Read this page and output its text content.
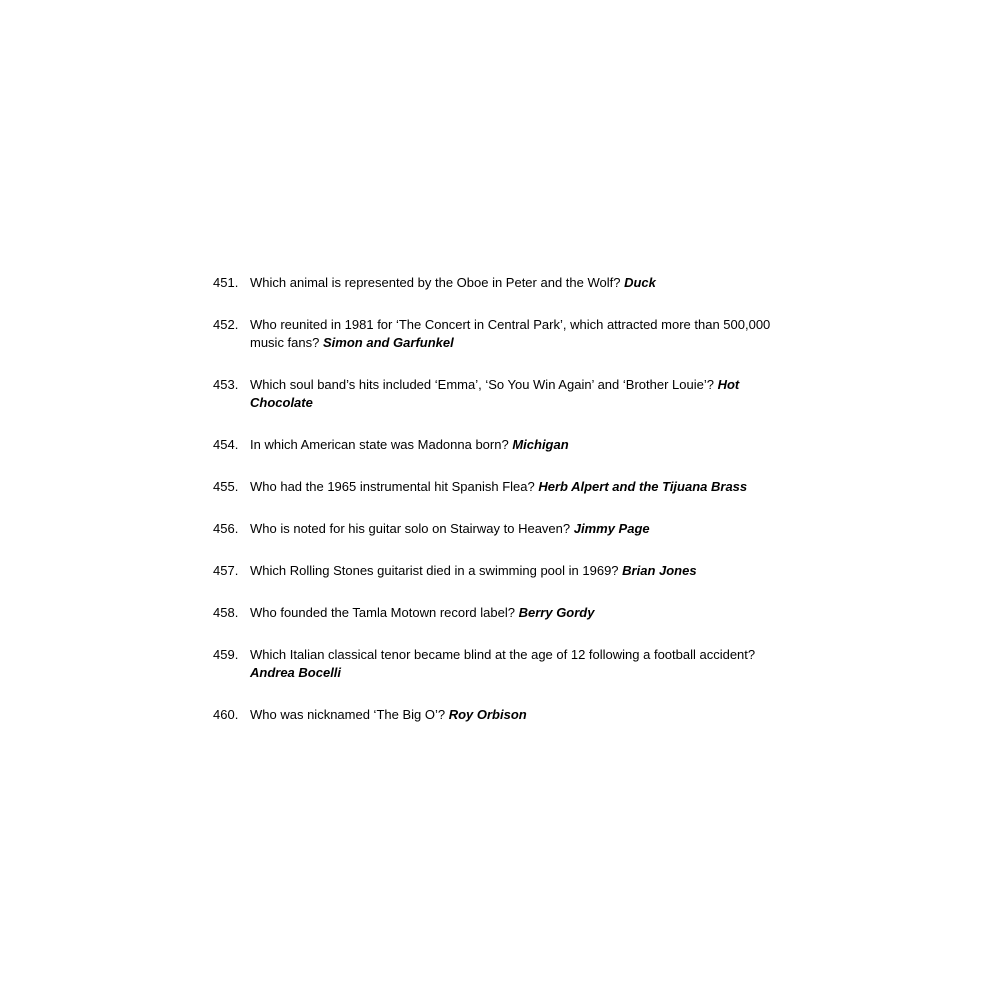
451. Which animal is represented by the Oboe in Peter and the Wolf? Duck
452. Who reunited in 1981 for ‘The Concert in Central Park’, which attracted more than 500,000 music fans? Simon and Garfunkel
453. Which soul band’s hits included ‘Emma’, ‘So You Win Again’ and ‘Brother Louie’? Hot Chocolate
454. In which American state was Madonna born? Michigan
455. Who had the 1965 instrumental hit Spanish Flea? Herb Alpert and the Tijuana Brass
456. Who is noted for his guitar solo on Stairway to Heaven? Jimmy Page
457. Which Rolling Stones guitarist died in a swimming pool in 1969? Brian Jones
458. Who founded the Tamla Motown record label? Berry Gordy
459. Which Italian classical tenor became blind at the age of 12 following a football accident? Andrea Bocelli
460. Who was nicknamed ‘The Big O’? Roy Orbison
